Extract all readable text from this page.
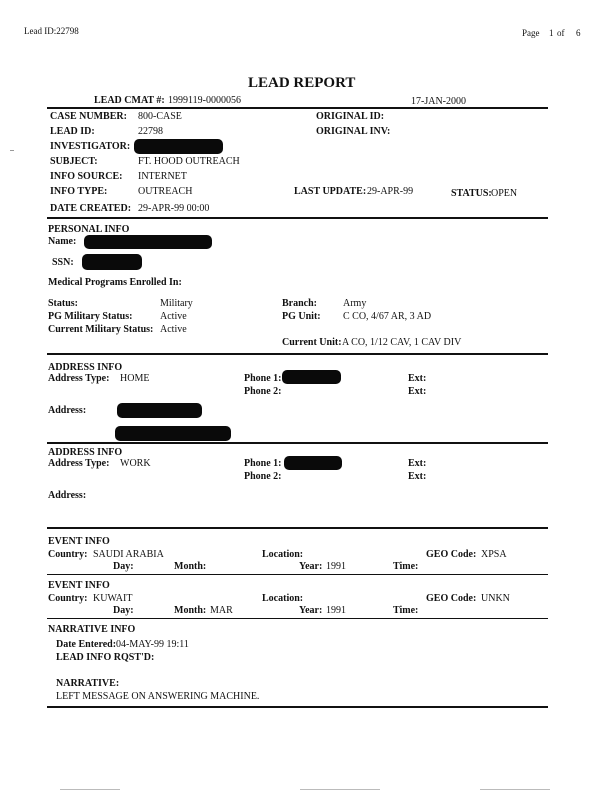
Lead ID:22798	Page 1 of 6
LEAD REPORT
LEAD CMAT #: 1999119-0000056	17-JAN-2000
CASE NUMBER: 800-CASE	ORIGINAL ID:
LEAD ID:	22798	ORIGINAL INV:
INVESTIGATOR:
SUBJECT:	FT. HOOD OUTREACH
INFO SOURCE: INTERNET
INFO TYPE:	OUTREACH	LAST UPDATE: 29-APR-99	STATUS: OPEN
DATE CREATED: 29-APR-99 00:00
PERSONAL INFO
Name:
SSN:
Medical Programs Enrolled In:
Status:	Military	Branch:	Army
PG Military Status:	Active	PG Unit: C CO, 4/67 AR, 3 AD
Current Military Status: Active
Current Unit: A CO, 1/12 CAV, 1 CAV DIV
ADDRESS INFO
Address Type: HOME	Phone 1:	Ext:
Phone 2:	Ext:
Address:
ADDRESS INFO
Address Type: WORK	Phone 1:	Ext:
Phone 2:	Ext:
Address:
EVENT INFO
Country: SAUDI ARABIA	Location:	GEO Code: XPSA
Day:	Month:	Year: 1991	Time:
EVENT INFO
Country: KUWAIT	Location:	GEO Code: UNKN
Day:	Month: MAR	Year: 1991	Time:
NARRATIVE INFO
Date Entered: 04-MAY-99 19:11
LEAD INFO RQST'D:
NARRATIVE:
LEFT MESSAGE ON ANSWERING MACHINE.
